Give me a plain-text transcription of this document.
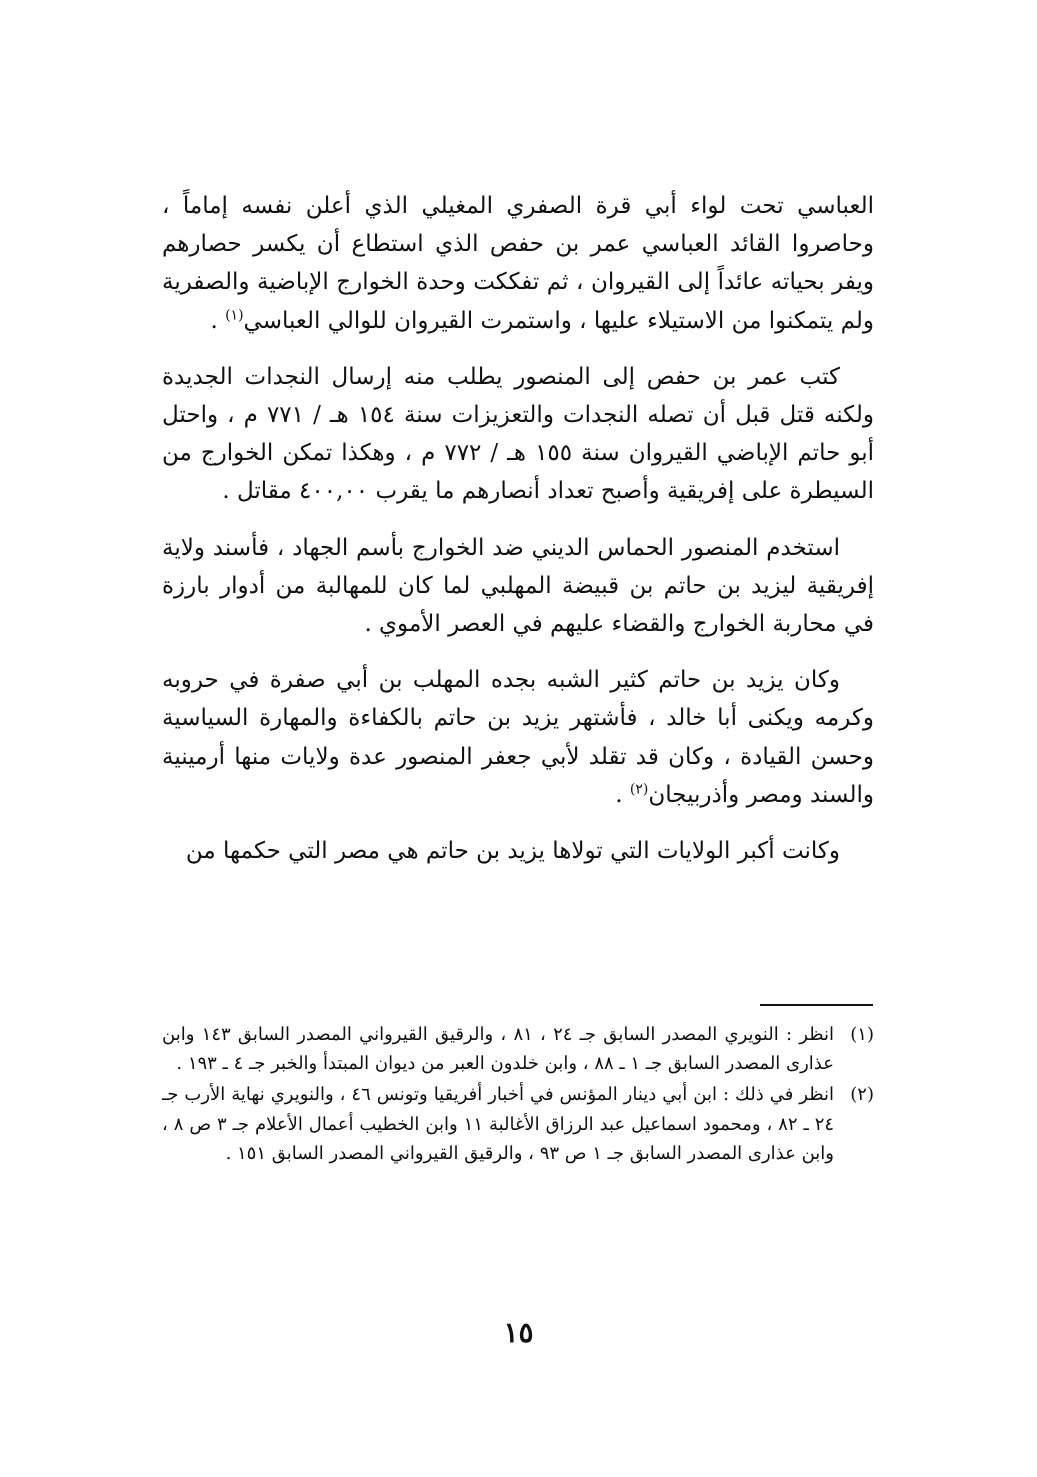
العباسي تحت لواء أبي قرة الصفري المغيلي الذي أعلن نفسه إماماً ، وحاصروا القائد العباسي عمر بن حفص الذي استطاع أن يكسر حصارهم ويفر بحياته عائداً إلى القيروان ، ثم تفككت وحدة الخوارج الإباضية والصفرية ولم يتمكنوا من الاستيلاء عليها ، واستمرت القيروان للوالي العباسي$^{(١)}$ .

كتب عمر بن حفص إلى المنصور يطلب منه إرسال النجدات الجديدة ولكنه قتل قبل أن تصله النجدات والتعزيزات سنة ١٥٤ هـ / ٧٧١ م ، واحتل أبو حاتم الإباضي القيروان سنة ١٥٥ هـ / ٧٧٢ م ، وهكذا تمكن الخوارج من السيطرة على إفريقية وأصبح تعداد أنصارهم ما يقرب ٤٠٠,٠٠ مقاتل .

استخدم المنصور الحماس الديني ضد الخوارج بأسم الجهاد ، فأسند ولاية إفريقية ليزيد بن حاتم بن قبيضة المهلبي لما كان للمهالبة من أدوار بارزة في محاربة الخوارج والقضاء عليهم في العصر الأموي .

وكان يزيد بن حاتم كثير الشبه بجده المهلب بن أبي صفرة في حروبه وكرمه ويكنى أبا خالد ، فأشتهر يزيد بن حاتم بالكفاءة والمهارة السياسية وحسن القيادة ، وكان قد تقلد لأبي جعفر المنصور عدة ولايات منها أرمينية والسند ومصر وأذربيجان$^{(٢)}$ .

وكانت أكبر الولايات التي تولاها يزيد بن حاتم هي مصر التي حكمها من

(١)
انظر : النويري المصدر السابق جـ ٢٤ ، ٨١ ، والرقيق القيرواني المصدر السابق ١٤٣ وابن عذارى المصدر السابق جـ ١ ـ ٨٨ ، وابن خلدون العبر من ديوان المبتدأ والخبر جـ ٤ ـ ١٩٣ .
(٢)
انظر في ذلك : ابن أبي دينار المؤنس في أخبار أفريقيا وتونس ٤٦ ، والنويري نهاية الأرب جـ ٢٤ ـ ٨٢ ، ومحمود اسماعيل عبد الرزاق الأغالبة ١١ وابن الخطيب أعمال الأعلام جـ ٣ ص ٨ ، وابن عذارى المصدر السابق جـ ١ ص ٩٣ ، والرقيق القيرواني المصدر السابق ١٥١ .
١٥
